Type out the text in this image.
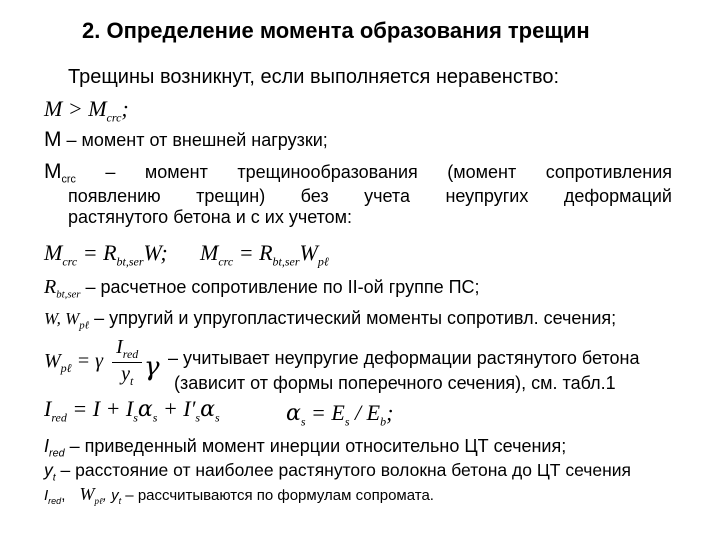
2. Определение момента образования трещин
Трещины возникнут, если выполняется неравенство:
$M > M_{crc}$;
M – момент от внешней нагрузки;
$M_{crc}$ – момент трещинообразования (момент сопротивления
появлению трещин) без учета неупругих деформаций
растянутого бетона и с их учетом:
$M_{crc} = R_{bt,ser}W$; $M_{crc} = R_{bt,ser}W_{p\ell}$
$R_{bt,ser}$ – расчетное сопротивление по II-ой группе ПС;
W, $W_{p\ell}$ – упругий и упругопластический моменты сопротивл. сечения;
$W_{p\ell} = \gamma \frac{I_{red}}{y_t}$ γ – учитывает неупругие деформации растянутого бетона
(зависит от формы поперечного сечения), см. табл.1
$I_{red} = I + I_s\alpha_s + I'_s\alpha_s$	$\alpha_s = E_s / E_b$;
$I_{red}$ – приведенный момент инерции относительно ЦТ сечения;
$y_t$ – расстояние от наиболее растянутого волокна бетона до ЦТ сечения
$I_{red}$, $W_{p\ell}$, $y_t$ – рассчитываются по формулам сопромата.
